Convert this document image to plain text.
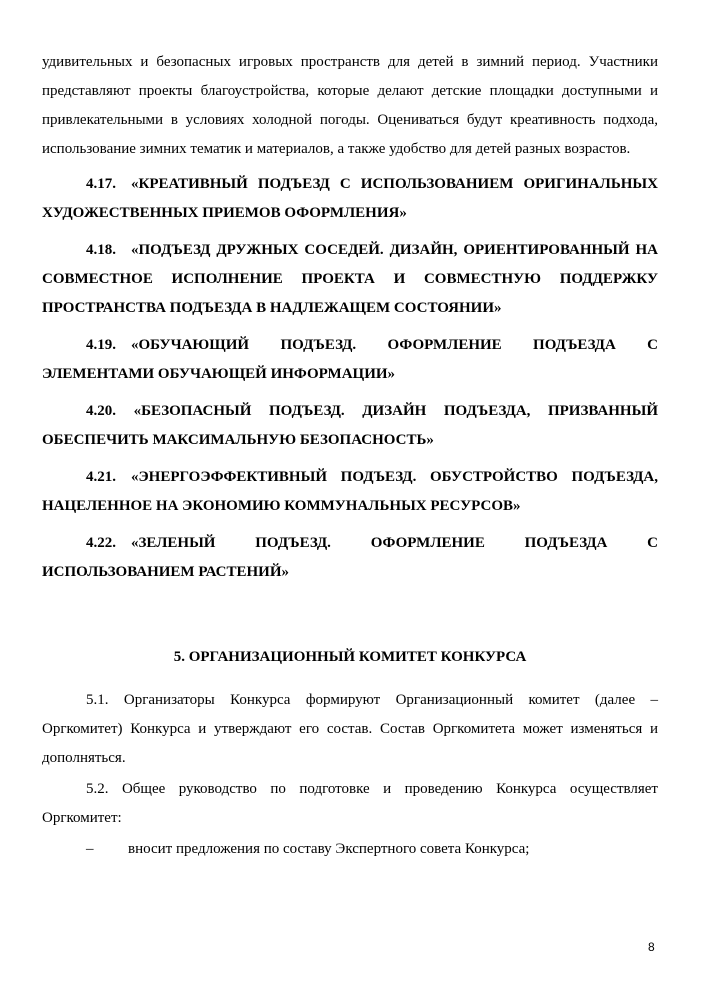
удивительных и безопасных игровых пространств для детей в зимний период. Участники представляют проекты благоустройства, которые делают детские площадки доступными и привлекательными в условиях холодной погоды. Оцениваться будут креативность подхода, использование зимних тематик и материалов, а также удобство для детей разных возрастов.

4.17. «КРЕАТИВНЫЙ ПОДЪЕЗД С ИСПОЛЬЗОВАНИЕМ ОРИГИНАЛЬНЫХ ХУДОЖЕСТВЕННЫХ ПРИЕМОВ ОФОРМЛЕНИЯ»

4.18. «ПОДЪЕЗД ДРУЖНЫХ СОСЕДЕЙ. ДИЗАЙН, ОРИЕНТИРОВАННЫЙ НА СОВМЕСТНОЕ ИСПОЛНЕНИЕ ПРОЕКТА И СОВМЕСТНУЮ ПОДДЕРЖКУ ПРОСТРАНСТВА ПОДЪЕЗДА В НАДЛЕЖАЩЕМ СОСТОЯНИИ»

4.19. «ОБУЧАЮЩИЙ ПОДЪЕЗД. ОФОРМЛЕНИЕ ПОДЪЕЗДА С ЭЛЕМЕНТАМИ ОБУЧАЮЩЕЙ ИНФОРМАЦИИ»

4.20. «БЕЗОПАСНЫЙ ПОДЪЕЗД. ДИЗАЙН ПОДЪЕЗДА, ПРИЗВАННЫЙ ОБЕСПЕЧИТЬ МАКСИМАЛЬНУЮ БЕЗОПАСНОСТЬ»

4.21. «ЭНЕРГОЭФФЕКТИВНЫЙ ПОДЪЕЗД. ОБУСТРОЙСТВО ПОДЪЕЗДА, НАЦЕЛЕННОЕ НА ЭКОНОМИЮ КОММУНАЛЬНЫХ РЕСУРСОВ»

4.22. «ЗЕЛЕНЫЙ ПОДЪЕЗД. ОФОРМЛЕНИЕ ПОДЪЕЗДА С ИСПОЛЬЗОВАНИЕМ РАСТЕНИЙ»

5. ОРГАНИЗАЦИОННЫЙ КОМИТЕТ КОНКУРСА

5.1. Организаторы Конкурса формируют Организационный комитет (далее – Оргкомитет) Конкурса и утверждают его состав. Состав Оргкомитета может изменяться и дополняться.

5.2. Общее руководство по подготовке и проведению Конкурса осуществляет Оргкомитет:

–	вносит предложения по составу Экспертного совета Конкурса;

8
